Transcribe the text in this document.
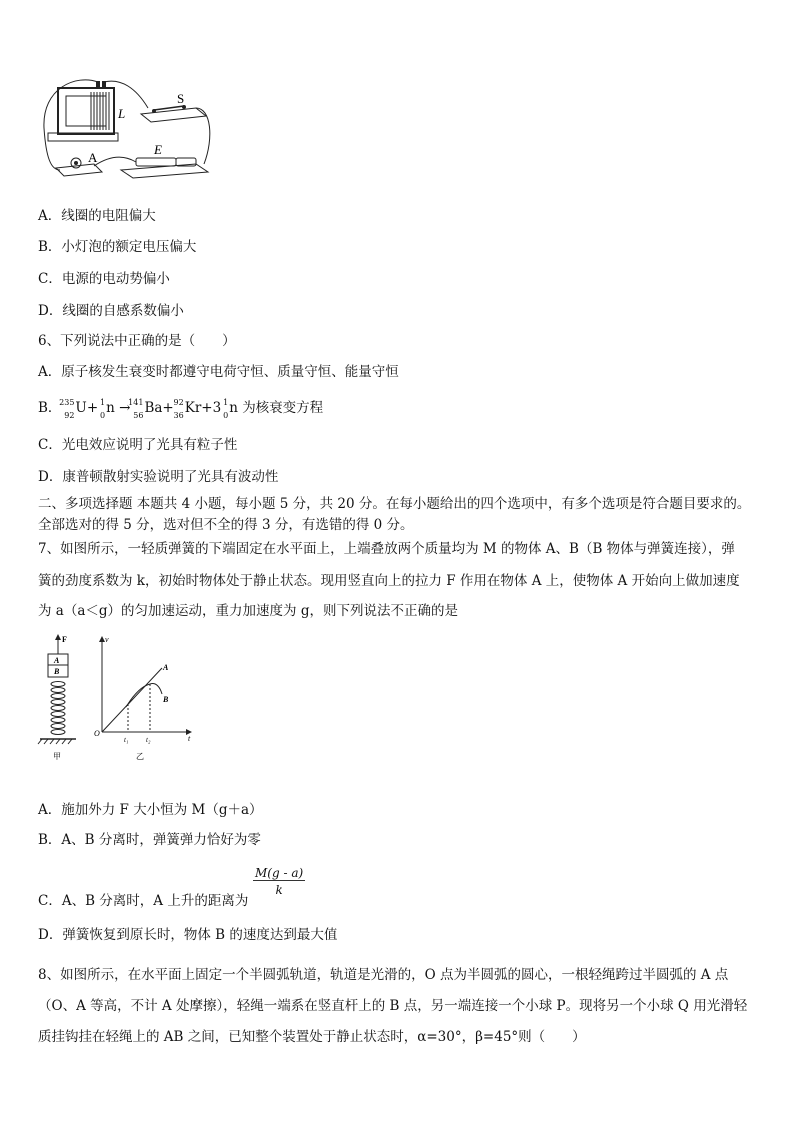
L
S
A
E
A．线圈的电阻偏大
B．小灯泡的额定电压偏大
C．电源的电动势偏小
D．线圈的自感系数偏小
6、下列说法中正确的是（　　）
A．原子核发生衰变时都遵守电荷守恒、质量守恒、能量守恒
B．
235
92 U+ 1
0 n →
141
56 Ba+ 92
36 Kr+3 1
0 n 为核衰变方程
C．光电效应说明了光具有粒子性
D．康普顿散射实验说明了光具有波动性
二、多项选择题 本题共 4 小题，每小题 5 分，共 20 分。在每小题给出的四个选项中，有多个选项是符合题目要求的。全部选对的得 5 分，选对但不全的得 3 分，有选错的得 0 分。
7、如图所示，一轻质弹簧的下端固定在水平面上，上端叠放两个质量均为 M 的物体 A、B（B 物体与弹簧连接），弹
簧的劲度系数为 k，初始时物体处于静止状态。现用竖直向上的拉力 F 作用在物体 A 上，使物体 A 开始向上做加速度
为 a（a＜g）的匀加速运动，重力加速度为 g，则下列说法不正确的是
F
A
B
甲
v
O
t
A
B
t₁	t₂
乙
A．施加外力 F 大小恒为 M（g＋a）
B．A、B 分离时，弹簧弹力恰好为零
C．A、B 分离时，A 上升的距离为
$\frac{M(g - a)}{k}$
D．弹簧恢复到原长时，物体 B 的速度达到最大值
8、如图所示，在水平面上固定一个半圆弧轨道，轨道是光滑的，O 点为半圆弧的圆心，一根轻绳跨过半圆弧的 A 点
（O、A 等高，不计 A 处摩擦），轻绳一端系在竖直杆上的 B 点，另一端连接一个小球 P。现将另一个小球 Q 用光滑轻
质挂钩挂在轻绳上的 AB 之间，已知整个装置处于静止状态时，α=30°，β=45°则（　　）
